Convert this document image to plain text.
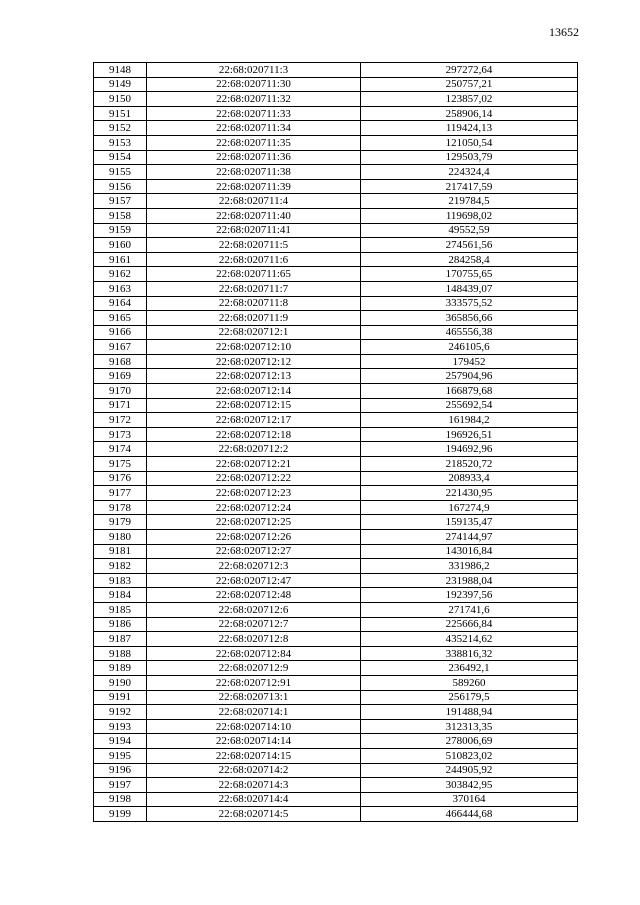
13652
9148	22:68:020711:3	297272,64
9149	22:68:020711:30	250757,21
9150	22:68:020711:32	123857,02
9151	22:68:020711:33	258906,14
9152	22:68:020711:34	119424,13
9153	22:68:020711:35	121050,54
9154	22:68:020711:36	129503,79
9155	22:68:020711:38	224324,4
9156	22:68:020711:39	217417,59
9157	22:68:020711:4	219784,5
9158	22:68:020711:40	119698,02
9159	22:68:020711:41	49552,59
9160	22:68:020711:5	274561,56
9161	22:68:020711:6	284258,4
9162	22:68:020711:65	170755,65
9163	22:68:020711:7	148439,07
9164	22:68:020711:8	333575,52
9165	22:68:020711:9	365856,66
9166	22:68:020712:1	465556,38
9167	22:68:020712:10	246105,6
9168	22:68:020712:12	179452
9169	22:68:020712:13	257904,96
9170	22:68:020712:14	166879,68
9171	22:68:020712:15	255692,54
9172	22:68:020712:17	161984,2
9173	22:68:020712:18	196926,51
9174	22:68:020712:2	194692,96
9175	22:68:020712:21	218520,72
9176	22:68:020712:22	208933,4
9177	22:68:020712:23	221430,95
9178	22:68:020712:24	167274,9
9179	22:68:020712:25	159135,47
9180	22:68:020712:26	274144,97
9181	22:68:020712:27	143016,84
9182	22:68:020712:3	331986,2
9183	22:68:020712:47	231988,04
9184	22:68:020712:48	192397,56
9185	22:68:020712:6	271741,6
9186	22:68:020712:7	225666,84
9187	22:68:020712:8	435214,62
9188	22:68:020712:84	338816,32
9189	22:68:020712:9	236492,1
9190	22:68:020712:91	589260
9191	22:68:020713:1	256179,5
9192	22:68:020714:1	191488,94
9193	22:68:020714:10	312313,35
9194	22:68:020714:14	278006,69
9195	22:68:020714:15	510823,02
9196	22:68:020714:2	244905,92
9197	22:68:020714:3	303842,95
9198	22:68:020714:4	370164
9199	22:68:020714:5	466444,68
